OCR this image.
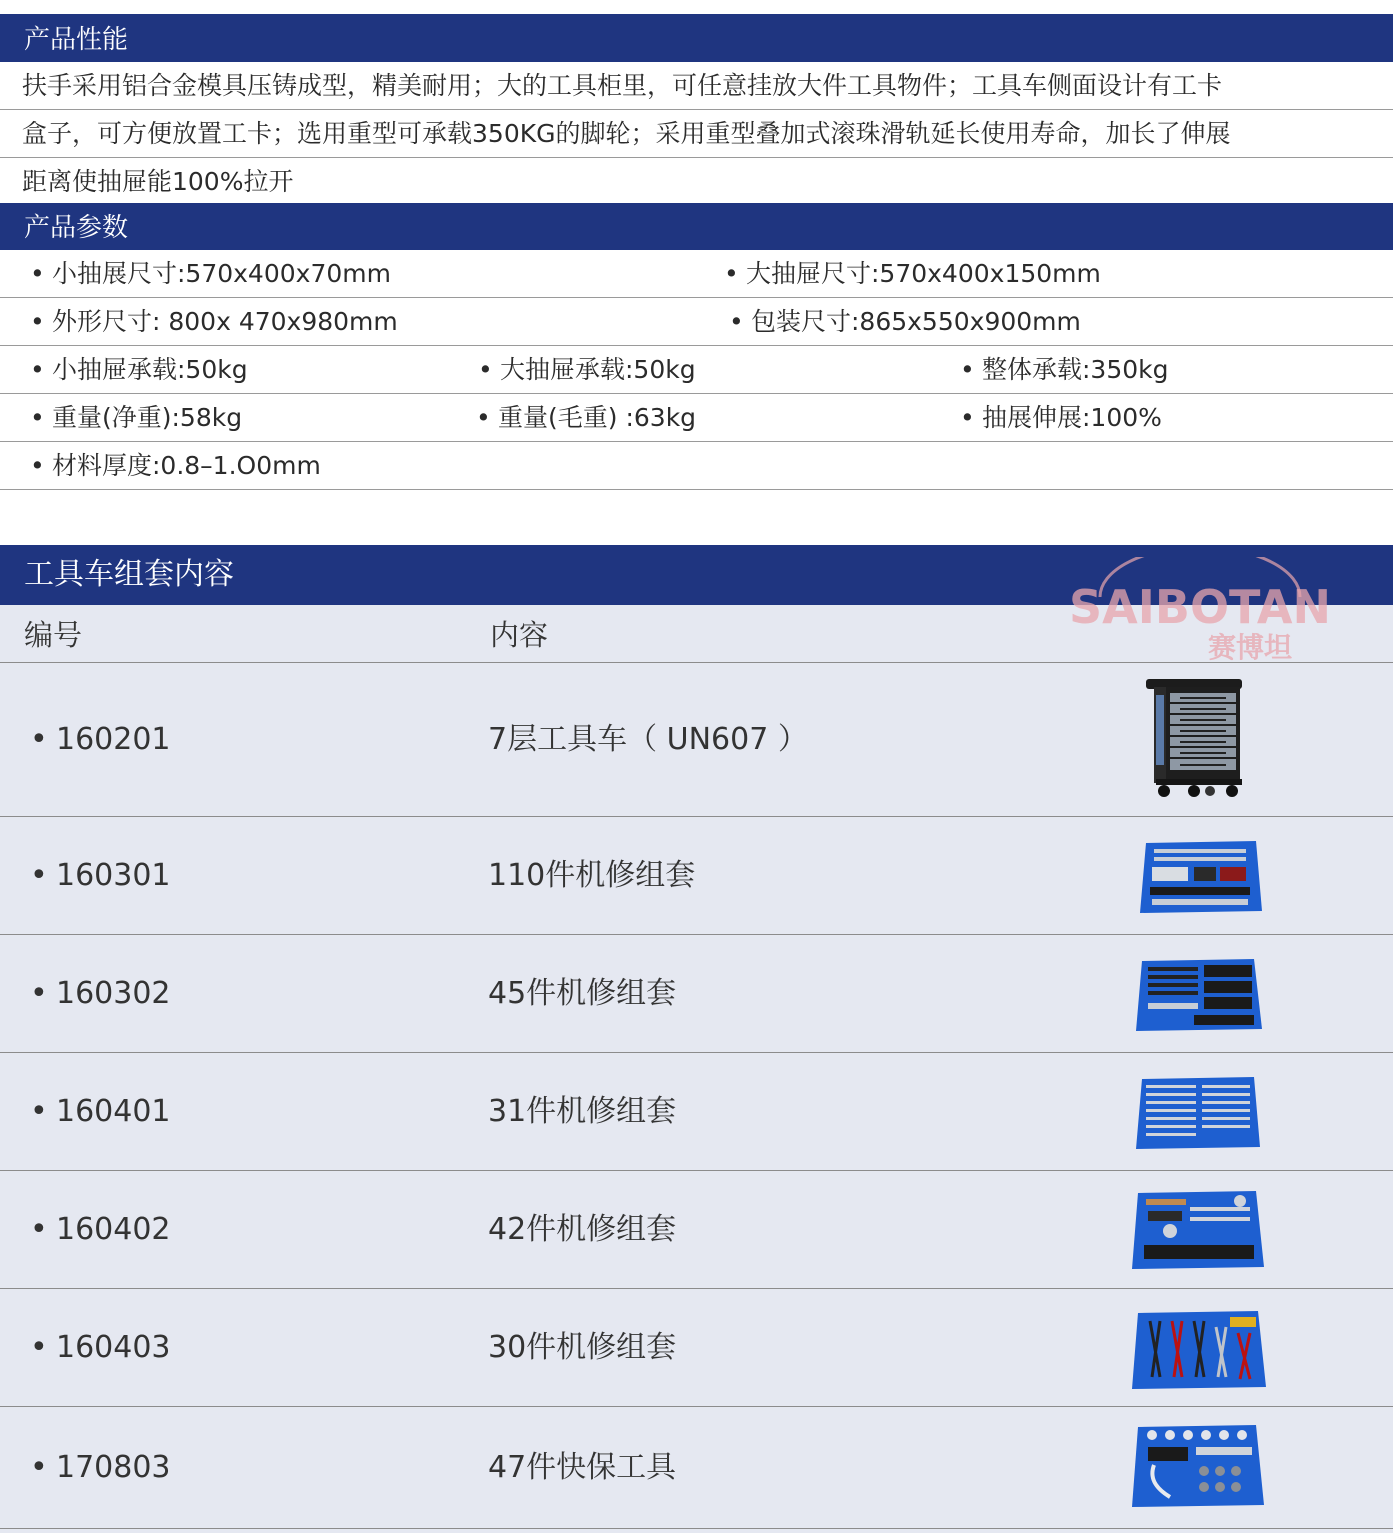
产品性能
扶手采用铝合金模具压铸成型，精美耐用；大的工具柜里，可任意挂放大件工具物件；工具车侧面设计有工卡
盒子，可方便放置工卡；选用重型可承载350KG的脚轮；采用重型叠加式滚珠滑轨延长使用寿命，加长了伸展
距离使抽屉能100%拉开
产品参数
• 小抽展尺寸:570x400x70mm	• 大抽屉尺寸:570x400x150mm
• 外形尺寸: 800x 470x980mm	• 包装尺寸:865x550x900mm
• 小抽屉承载:50kg	• 大抽屉承载:50kg	• 整体承载:350kg
• 重量(净重):58kg	• 重量(毛重) :63kg	• 抽展伸展:100%
• 材料厚度:0.8–1.O0mm
工具车组套内容
编号	内容
• 160201	7层工具车（ UN607 ）
• 160301	110件机修组套
• 160302	45件机修组套
• 160401	31件机修组套
• 160402	42件机修组套
• 160403	30件机修组套
• 170803	47件快保工具
SAIBOTAN
赛博坦
